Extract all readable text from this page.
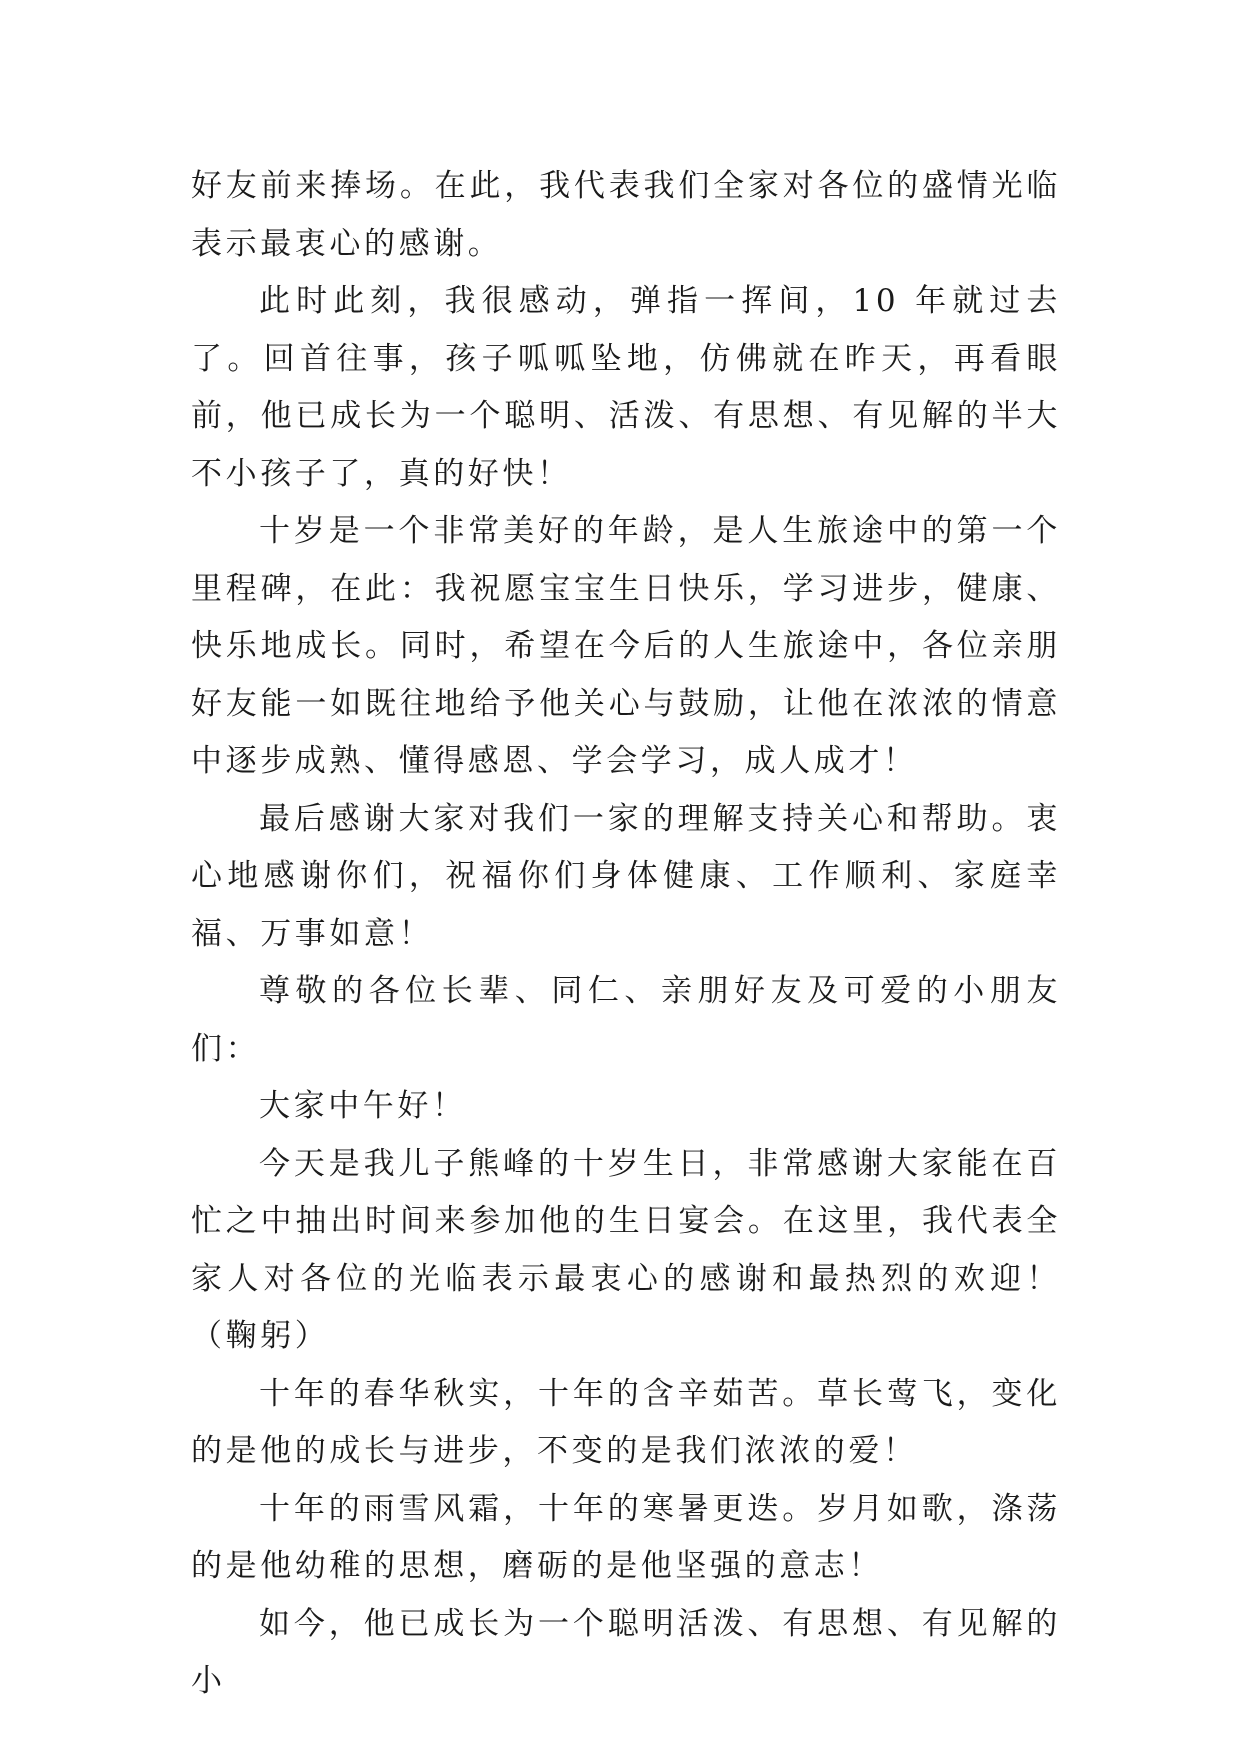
好友前来捧场。在此，我代表我们全家对各位的盛情光临表示最衷心的感谢。

此时此刻，我很感动，弹指一挥间，10 年就过去了。回首往事，孩子呱呱坠地，仿佛就在昨天，再看眼前，他已成长为一个聪明、活泼、有思想、有见解的半大不小孩子了，真的好快！

十岁是一个非常美好的年龄，是人生旅途中的第一个里程碑，在此：我祝愿宝宝生日快乐，学习进步，健康、快乐地成长。同时，希望在今后的人生旅途中，各位亲朋好友能一如既往地给予他关心与鼓励，让他在浓浓的情意中逐步成熟、懂得感恩、学会学习，成人成才！

最后感谢大家对我们一家的理解支持关心和帮助。衷心地感谢你们，祝福你们身体健康、工作顺利、家庭幸福、万事如意！

尊敬的各位长辈、同仁、亲朋好友及可爱的小朋友们：

大家中午好！

今天是我儿子熊峰的十岁生日，非常感谢大家能在百忙之中抽出时间来参加他的生日宴会。在这里，我代表全家人对各位的光临表示最衷心的感谢和最热烈的欢迎！（鞠躬）

十年的春华秋实，十年的含辛茹苦。草长莺飞，变化的是他的成长与进步，不变的是我们浓浓的爱！

十年的雨雪风霜，十年的寒暑更迭。岁月如歌，涤荡的是他幼稚的思想，磨砺的是他坚强的意志！

如今，他已成长为一个聪明活泼、有思想、有见解的小
